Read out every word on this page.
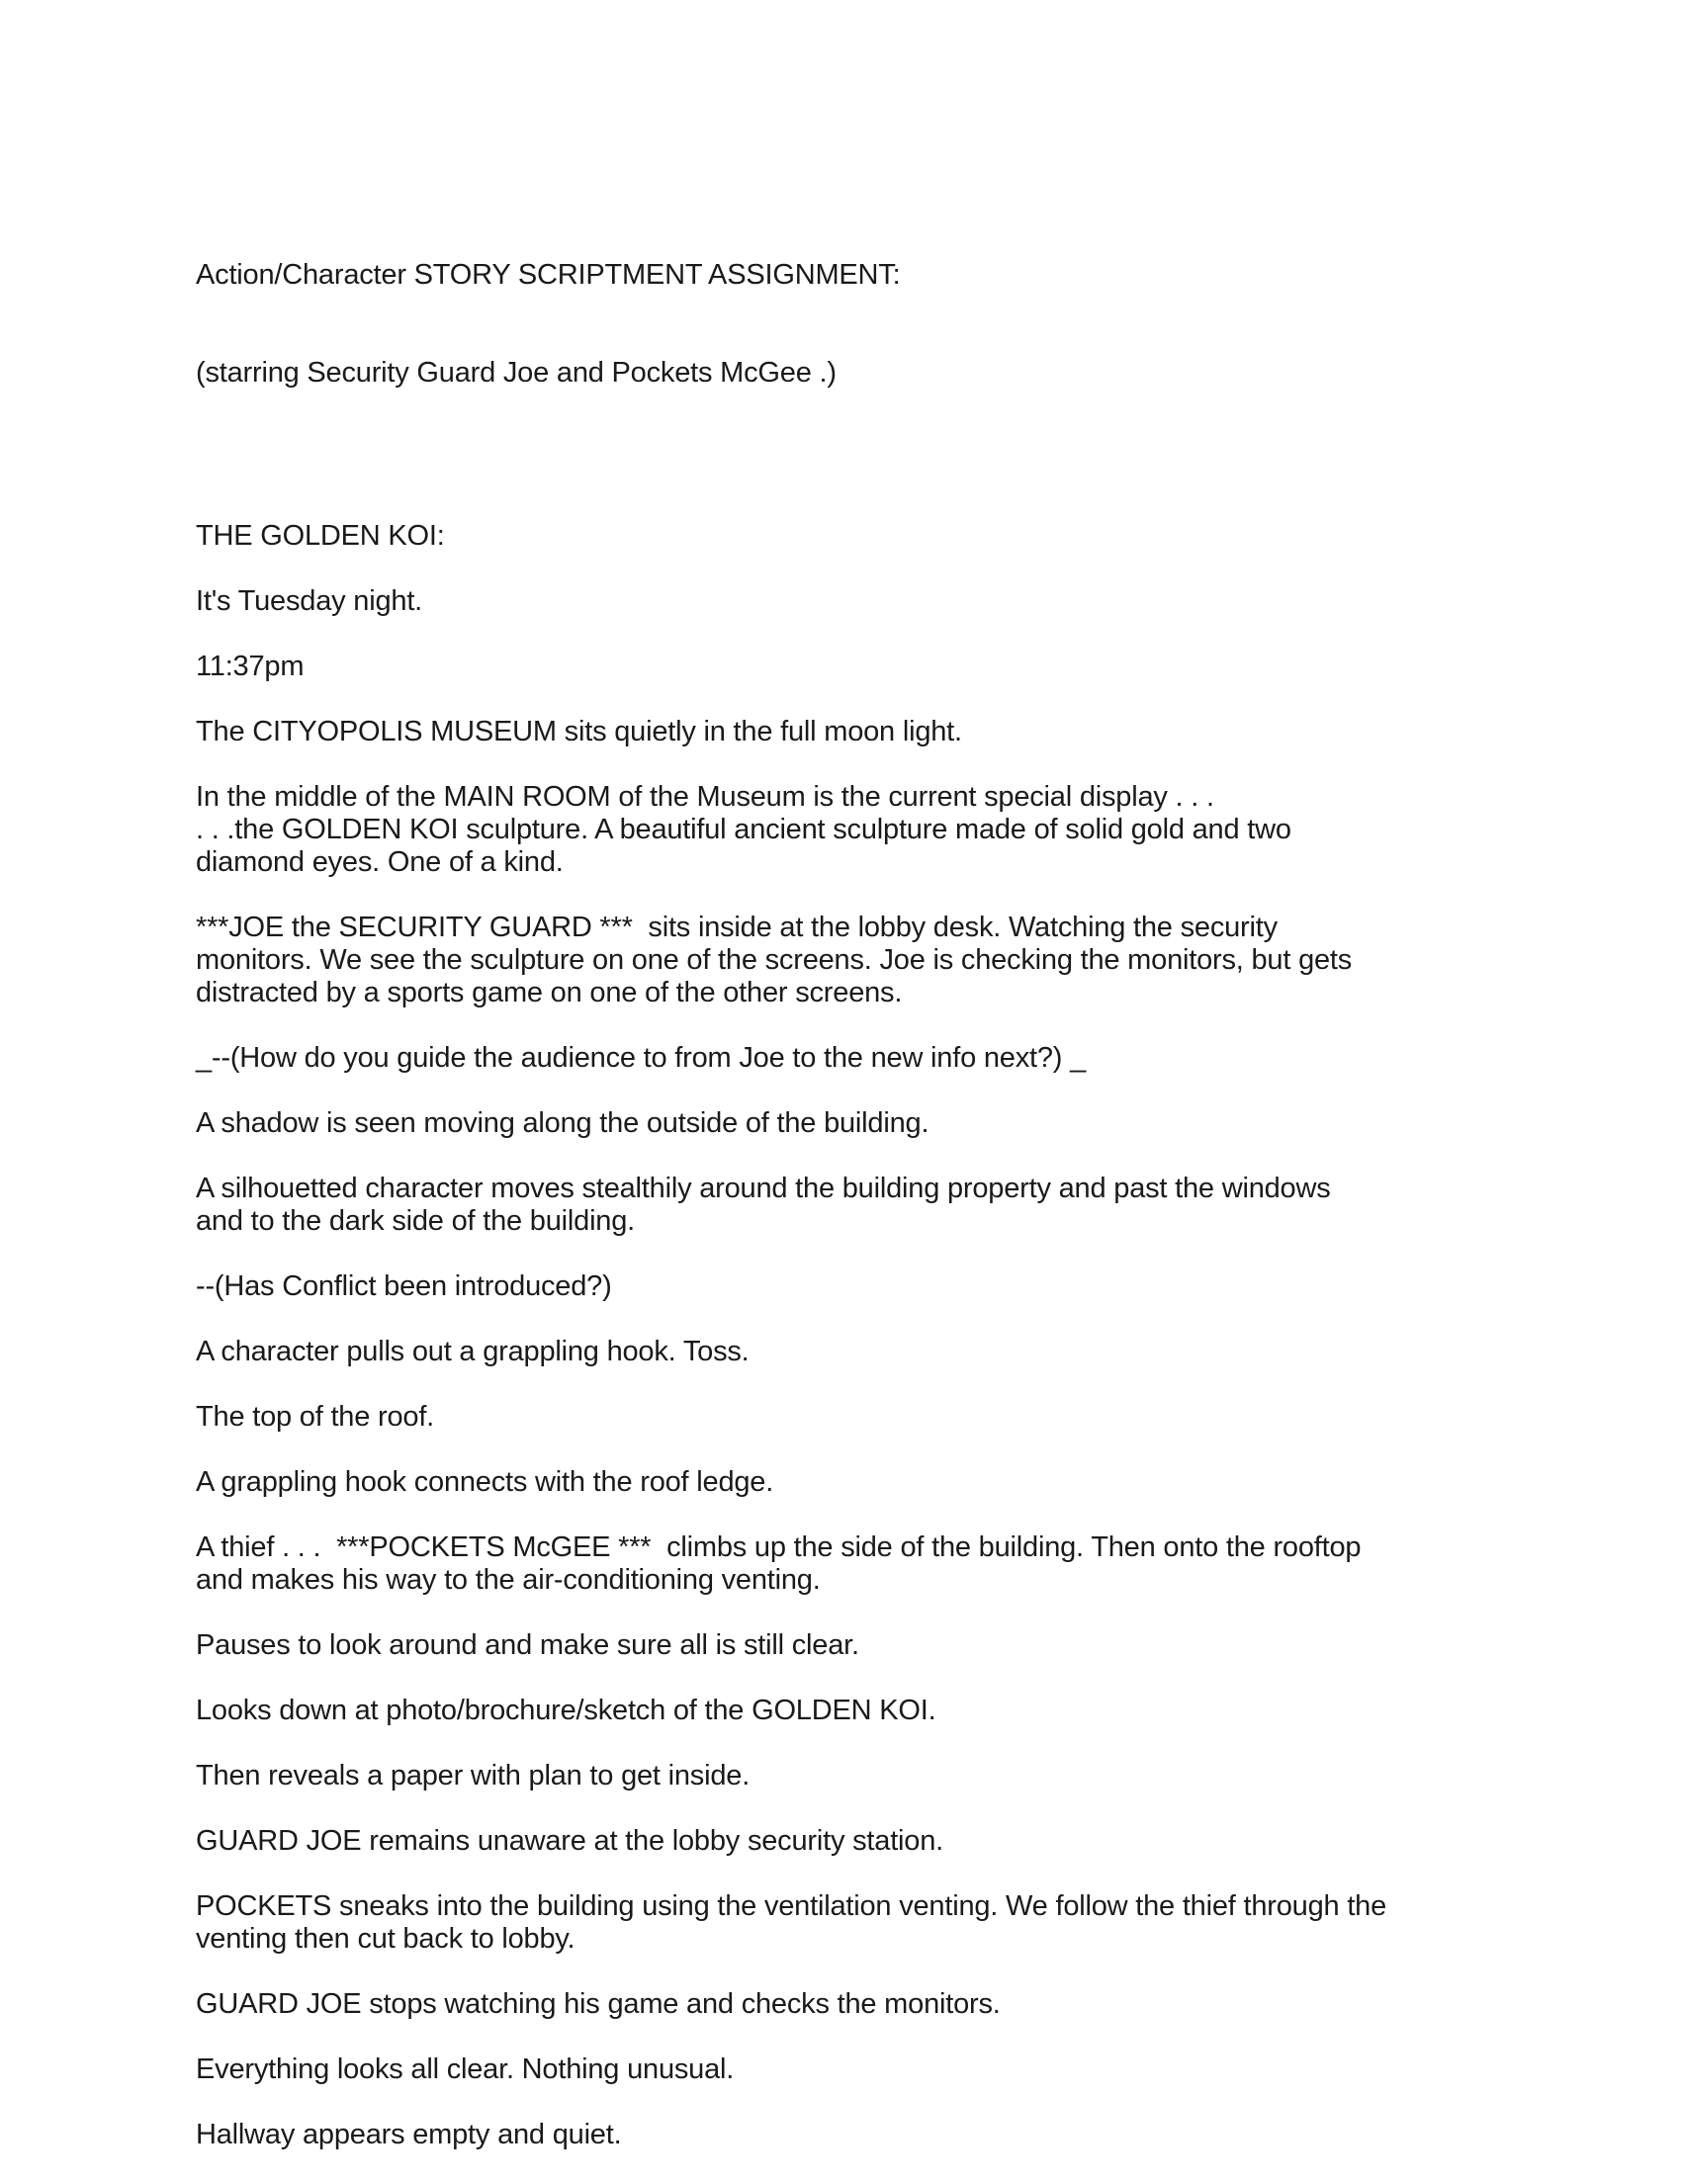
Action/Character STORY SCRIPTMENT ASSIGNMENT:

(starring Security Guard Joe and Pockets McGee .)

THE GOLDEN KOI:
It's Tuesday night.
11:37pm
The CITYOPOLIS MUSEUM sits quietly in the full moon light.
In the middle of the MAIN ROOM of the Museum is the current special display . . .
. . .the GOLDEN KOI sculpture. A beautiful ancient sculpture made of solid gold and two
diamond eyes. One of a kind.
***JOE the SECURITY GUARD ***  sits inside at the lobby desk. Watching the security
monitors. We see the sculpture on one of the screens. Joe is checking the monitors, but gets
distracted by a sports game on one of the other screens.
_--(How do you guide the audience to from Joe to the new info next?) _
A shadow is seen moving along the outside of the building.
A silhouetted character moves stealthily around the building property and past the windows
and to the dark side of the building.
--(Has Conflict been introduced?)
A character pulls out a grappling hook. Toss.
The top of the roof.
A grappling hook connects with the roof ledge.
A thief . . .  ***POCKETS McGEE ***  climbs up the side of the building. Then onto the rooftop
and makes his way to the air-conditioning venting.
Pauses to look around and make sure all is still clear.
Looks down at photo/brochure/sketch of the GOLDEN KOI.
Then reveals a paper with plan to get inside.
GUARD JOE remains unaware at the lobby security station.
POCKETS sneaks into the building using the ventilation venting. We follow the thief through the
venting then cut back to lobby.
GUARD JOE stops watching his game and checks the monitors.
Everything looks all clear. Nothing unusual.
Hallway appears empty and quiet.
